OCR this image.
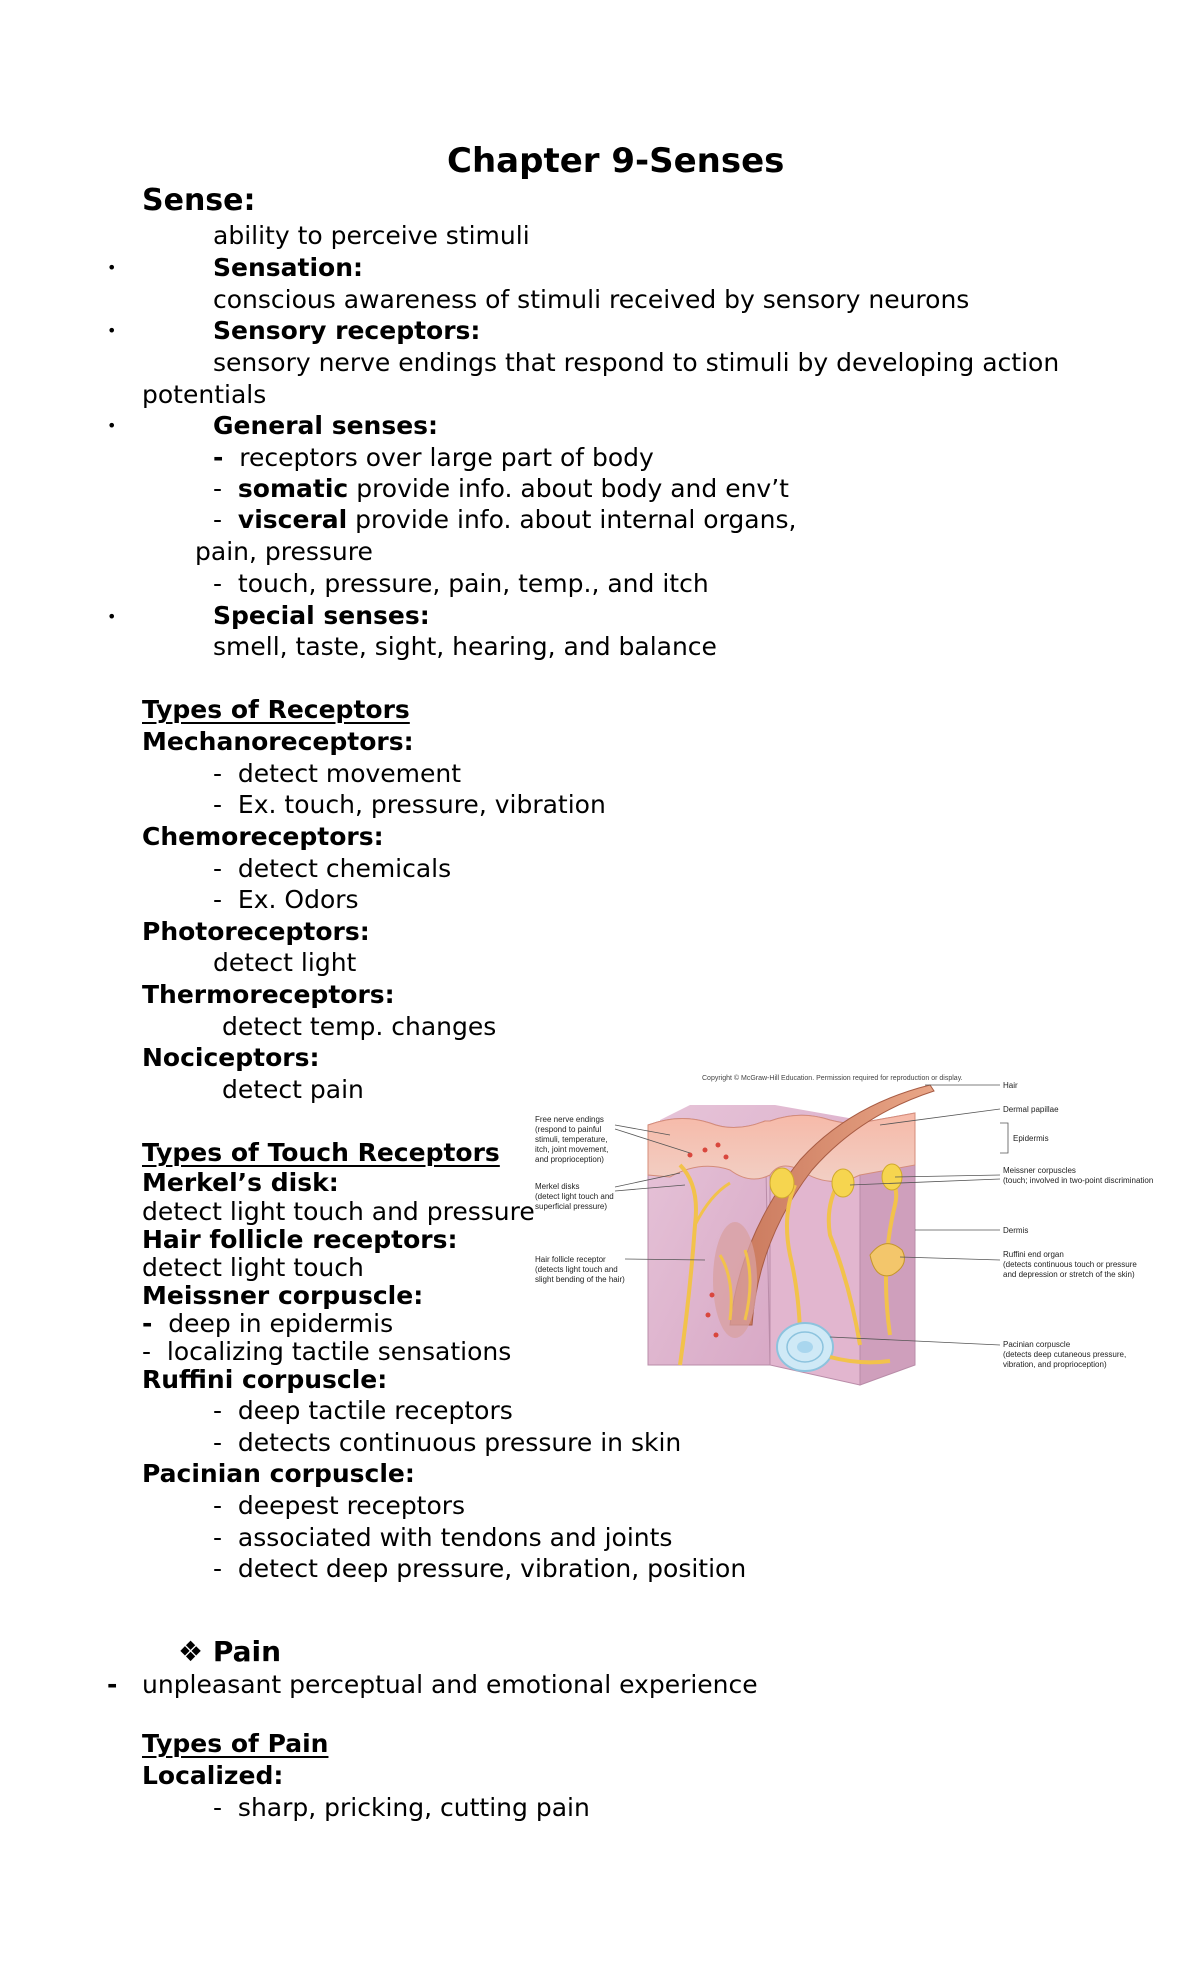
Chapter 9-Senses
Sense:
ability to perceive stimuli
•	Sensation:
conscious awareness of stimuli received by sensory neurons
•	Sensory receptors:
sensory nerve endings that respond to stimuli by developing action
potentials
•	General senses:
- receptors over large part of body
-  somatic provide info. about body and env’t
-  visceral provide info. about internal organs,
pain, pressure
-  touch, pressure, pain, temp., and itch
•	Special senses:
smell, taste, sight, hearing, and balance
Types of Receptors
Mechanoreceptors:
-  detect movement
-  Ex. touch, pressure, vibration
Chemoreceptors:
-  detect chemicals
-  Ex. Odors
Photoreceptors:
detect light
Thermoreceptors:
detect temp. changes
Nociceptors:
detect pain
Types of Touch Receptors
Merkel’s disk:
detect light touch and pressure
Hair follicle receptors:
detect light touch
Meissner corpuscle:
- deep in epidermis
-  localizing tactile sensations
Ruffini corpuscle:
-  deep tactile receptors
-  detects continuous pressure in skin
Pacinian corpuscle:
-  deepest receptors
-  associated with tendons and joints
-  detect deep pressure, vibration, position
❖ Pain
- unpleasant perceptual and emotional experience
Types of Pain
Localized:
-  sharp, pricking, cutting pain
Copyright © McGraw-Hill Education. Permission required for reproduction or display.
Free nerve endings
(respond to painful
stimuli, temperature,
itch, joint movement,
and proprioception)
Merkel disks
(detect light touch and
superficial pressure)
Hair follicle receptor
(detects light touch and
slight bending of the hair)
Hair
Dermal papillae
Epidermis
Meissner corpuscles
(touch; involved in two-point discrimination
Dermis
Ruffini end organ
(detects continuous touch or pressure
and depression or stretch of the skin)
Pacinian corpuscle
(detects deep cutaneous pressure,
vibration, and proprioception)
